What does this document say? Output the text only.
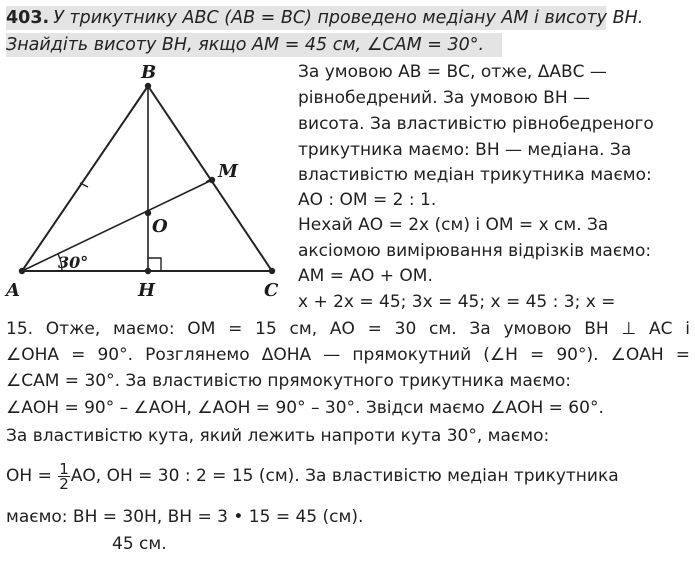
403. У трикутнику АВС (АВ = ВС) проведено медіану АМ і висоту ВН.
Знайдіть висоту ВН, якщо АМ = 45 см, ∠САМ = 30°.
B
A	H	C
M
O
30°
За умовою АВ = ВС, отже, ΔАВС —
рівнобедрений. За умовою ВН —
висота. За властивістю рівнобедреного
трикутника маємо: ВН — медіана. За
властивістю медіан трикутника маємо:
АО : ОМ = 2 : 1.
Нехай АО = 2х (см) і ОМ = х см. За
аксіомою вимірювання відрізків маємо:
АМ = АО + ОМ.
х + 2х = 45; 3х = 45; х = 45 : 3; х =
15. Отже, маємо: ОМ = 15 см, АО = 30 см. За умовою ВН ⊥ АС і
∠ОНА = 90°. Розглянемо ΔОНА — прямокутний (∠Н = 90°). ∠ОАН =
∠САМ = 30°. За властивістю прямокутного трикутника маємо:
∠АОН = 90° – ∠АОН, ∠АОН = 90° – 30°. Звідси маємо ∠АОН = 60°.
За властивістю кута, який лежить напроти кута 30°, маємо:
ОН = $\frac{1}{2}$ АО, ОН = 30 : 2 = 15 (см). За властивістю медіан трикутника
маємо: ВН = 30Н, ВН = 3 • 15 = 45 (см).
45 см.
